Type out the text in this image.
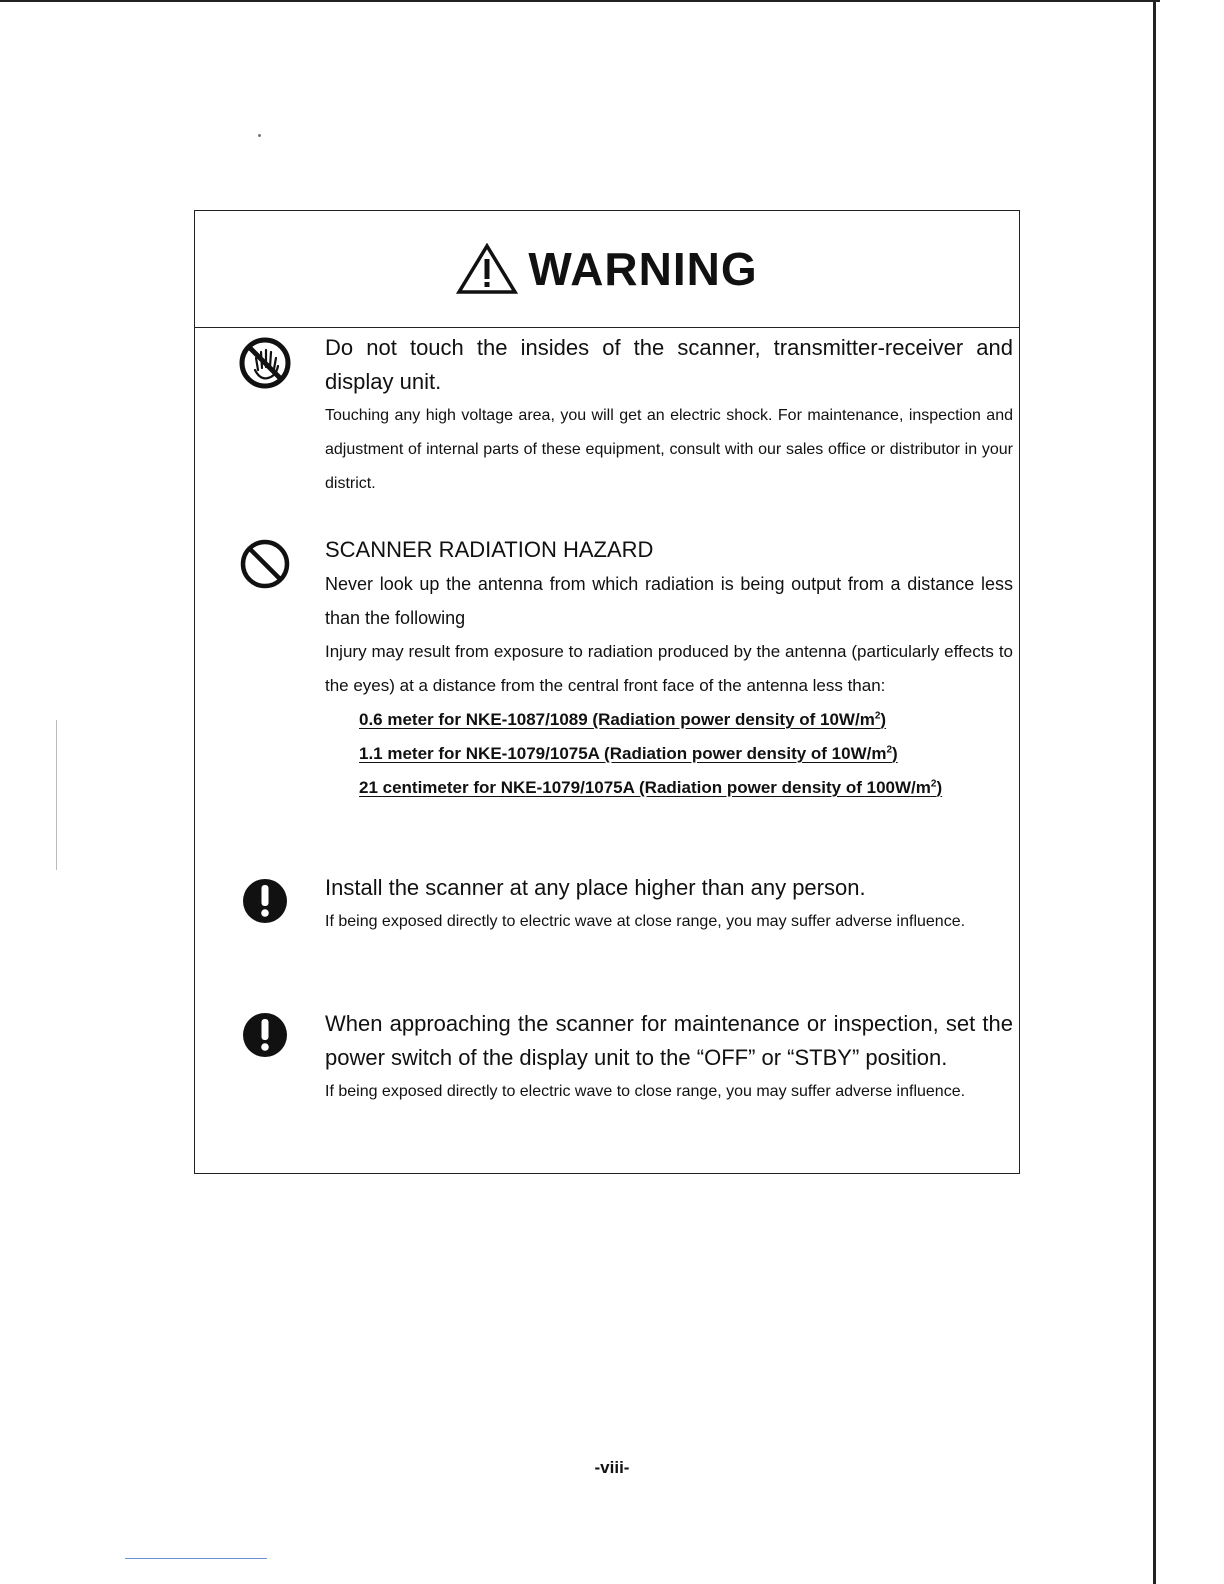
WARNING
Do not touch the insides of the scanner, transmitter-receiver and display unit.
Touching any high voltage area, you will get an electric shock. For maintenance, inspection and adjustment of internal parts of these equipment, consult with our sales office or distributor in your district.
SCANNER RADIATION HAZARD
Never look up the antenna from which radiation is being output from a distance less than the following
Injury may result from exposure to radiation produced by the antenna (particularly effects to the eyes) at a distance from the central front face of the antenna less than:
0.6 meter for NKE-1087/1089 (Radiation power density of $10W/m^2$)
1.1 meter for NKE-1079/1075A (Radiation power density of $10W/m^2$)
21 centimeter for NKE-1079/1075A (Radiation power density of $100W/m^2$)
Install the scanner at any place higher than any person.
If being exposed directly to electric wave at close range, you may suffer adverse influence.
When approaching the scanner for maintenance or inspection, set the power switch of the display unit to the “OFF” or “STBY” position.
If being exposed directly to electric wave to close range, you may suffer adverse influence.
-viii-
